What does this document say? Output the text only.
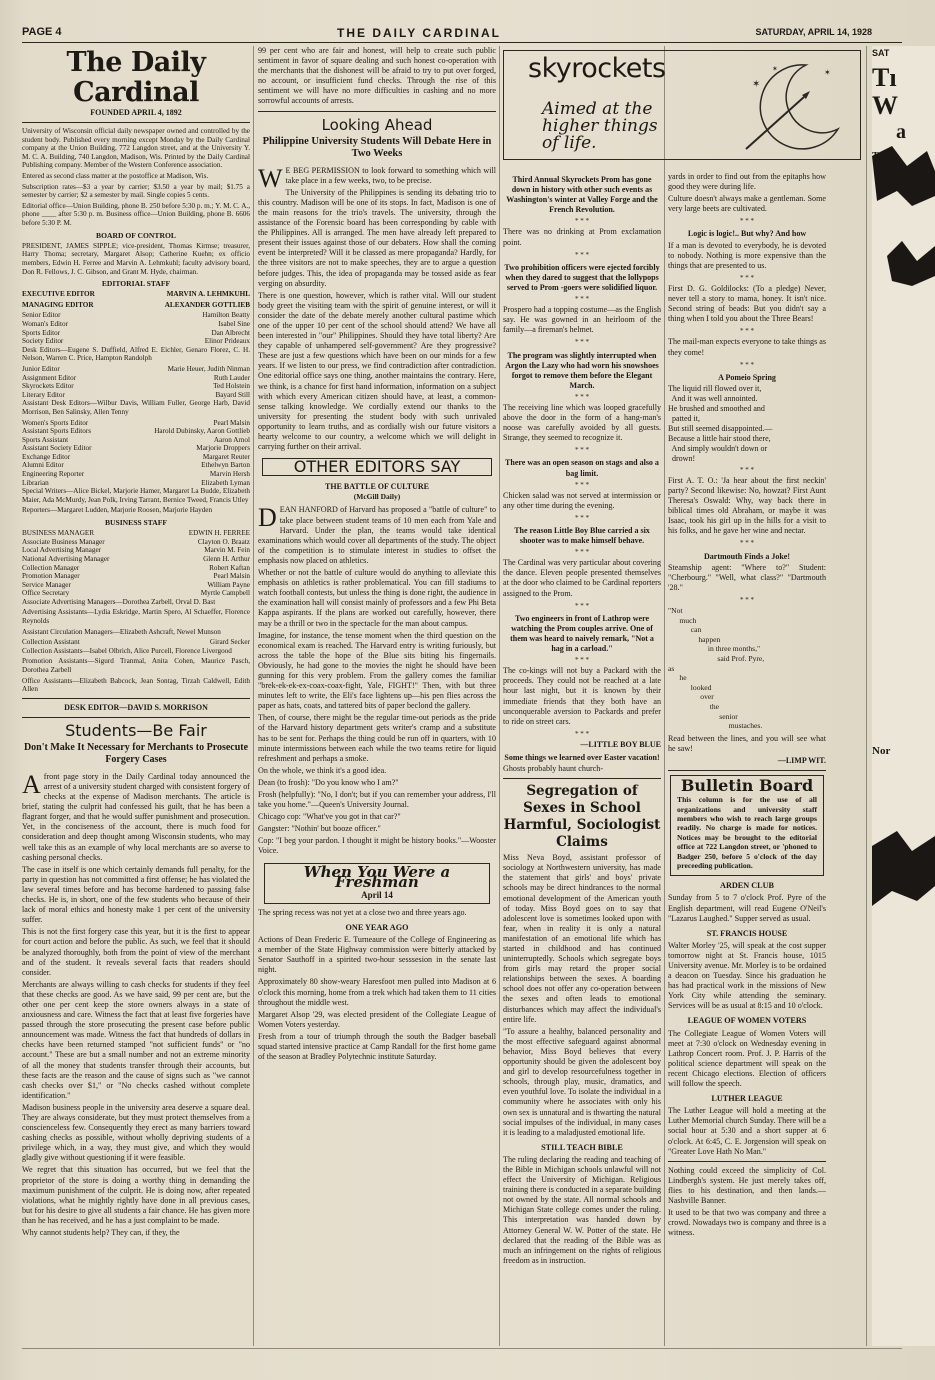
PAGE 4	THE DAILY CARDINAL	SATURDAY, APRIL 14, 1928
The Daily Cardinal
FOUNDED APRIL 4, 1892

University of Wisconsin official daily newspaper owned and controlled by the student body. Published every morning except Monday by the Daily Cardinal company at the Union Building, 772 Langdon street, and at the University Y. M. C. A. Building, 740 Langdon, Madison, Wis. Printed by the Daily Cardinal Publishing company. Member of the Western Conference association.

Entered as second class matter at the postoffice at Madison, Wis.

Subscription rates—$3 a year by carrier; $3.50 a year by mail; $1.75 a semester by carrier; $2 a semester by mail. Single copies 5 cents.

Editorial office—Union Building, phone B. 250 before 5:30 p. m.; Y. M. C. A., phone ____ after 5:30 p. m. Business office—Union Building, phone B. 6606 before 5:30 P. M.

BOARD OF CONTROL

PRESIDENT, JAMES SIPPLE; vice-president, Thomas Kirmse; treasurer, Harry Thoma; secretary, Margaret Alsop; Catherine Kuehn; ex officio members, Edwin H. Ferree and Marvin A. Lehmkuhl; faculty advisory board, Don R. Fellows, J. C. Gibson, and Grant M. Hyde, chairman.

EDITORIAL STAFF
EXECUTIVE EDITOR	MARVIN A. LEHMKUHL
MANAGING EDITOR	ALEXANDER GOTTLIEB
Senior Editor	Hamilton Beatty
Woman's Editor	Isabel Sine
Sports Editor	Dan Albrecht
Society Editor	Elinor Prideaux

Desk Editors—Eugene S. Duffield, Alfred E. Eichler, Genaro Florez, C. H. Nelson, Warren C. Price, Hampton Randolph

Junior Editor	Marie Heuer, Judith Ninman
Assignment Editor	Ruth Lauder
Skyrockets Editor	Ted Holstein
Literary Editor	Bayard Still

Assistant Desk Editors—Wilbur Davis, William Fuller, George Harb, David Morrison, Ben Salinsky, Allen Tenny

Women's Sports Editor	Pearl Malsin
Assistant Sports Editors	Harold Dubinsky, Aaron Gottlieb
Sports Assistant	Aaron Arnol
Assistant Society Editor	Marjorie Droppers
Exchange Editor	Margaret Reuter
Alumni Editor	Ethelwyn Barton
Engineering Reporter	Marvin Hersh
Librarian	Elizabeth Lyman

Special Writers—Alice Bickel, Marjorie Hamer, Margaret La Budde, Elizabeth Maier, Ada McMurdy, Jean Polk, Irving Tarrant, Bernice Tweed, Francis Utley

Reporters—Margaret Ludden, Marjorie Roosen, Marjorie Hayden

BUSINESS STAFF
BUSINESS MANAGER	EDWIN H. FERREE
Associate Business Manager	Clayton O. Braatz
Local Advertising Manager	Marvin M. Fein
National Advertising Manager	Glenn H. Arthur
Collection Manager	Robert Kaftan
Promotion Manager	Pearl Malsin
Service Manager	William Payne
Office Secretary	Myrtle Campbell

Associate Advertising Managers—Dorothea Zarbell, Orval D. Bast

Advertising Assistants—Lydia Eskridge, Martin Spero, Al Schaeffer, Florence Reynolds

Assistant Circulation Managers—Elizabeth Ashcraft, Newel Munson

Collection Assistant	Girard Secker

Collection Assistants—Isabel Olbrich, Alice Purcell, Florence Livergood

Promotion Assistants—Sigurd Tranmal, Anita Cohen, Maurice Pasch, Dorothea Zarbell

Office Assistants—Elizabeth Babcock, Jean Sontag, Tirzah Caldwell, Edith Allen

DESK EDITOR—DAVID S. MORRISON
Students—Be Fair
Don't Make It Necessary for Merchants to Prosecute Forgery Cases

Afront page story in the Daily Cardinal today announced the arrest of a university student charged with consistent forgery of checks at the expense of Madison merchants. The article is brief, stating the culprit had confessed his guilt, that he has been a flagrant forger, and that he would suffer punishment and prosecution. Yet, in the conciseness of the account, there is much food for consideration and deep thought among Wisconsin students, who may well take this as an example of why local merchants are so averse to cashing personal checks.

The case in itself is one which certainly demands full penalty, for the party in question has not committed a first offense; he has violated the law several times before and has become hardened to passing false checks. He is, in short, one of the few students who because of their lack of moral ethics and honesty make 1 per cent of the university suffer.

This is not the first forgery case this year, but it is the first to appear for court action and before the public. As such, we feel that it should be analyzed thoroughly, both from the point of view of the merchant and of the student. It reveals several facts that readers should consider.

Merchants are always willing to cash checks for students if they feel that these checks are good. As we have said, 99 per cent are, but the other one per cent keep the store owners always in a state of anxiousness and care. Witness the fact that at least five forgeries have passed through the store prosecuting the present case before public announcement was made. Witness the fact that hundreds of dollars in checks have been returned stamped "not sufficient funds" or "no account." These are but a small number and not an extreme minority of all the money that students transfer through their accounts, but these facts are the reason and the cause of signs such as "we cannot cash checks over $1," or "No checks cashed without complete identification."

Madison business people in the university area deserve a square deal. They are always considerate, but they must protect themselves from a conscienceless few. Consequently they erect as many barriers toward cashing checks as possible, without wholly depriving students of a privilege which, in a way, they must give, and which they would gladly give without questioning if it were feasible.

We regret that this situation has occurred, but we feel that the proprietor of the store is doing a worthy thing in demanding the maximum punishment of the culprit. He is doing now, after repeated violations, what he mightly rightly have done in all previous cases, but for his desire to give all students a fair chance. He has given more than he has received, and he has a just complaint to be made.

Why cannot students help? They can, if they, the

99 per cent who are fair and honest, will help to create such public sentiment in favor of square dealing and such honest co-operation with the merchants that the dishonest will be afraid to try to put over forged, no account, or insufficient fund checks. Through the rise of this sentiment we will have no more difficulties in cashing and no more sorrowful accounts of arrests.

Looking Ahead
Philippine University Students Will Debate Here in Two Weeks

W E BEG PERMISSION to look forward to something which will take place in a few weeks, two, to be precise.

The University of the Philippines is sending its debating trio to this country. Madison will be one of its stops. In fact, Madison is one of the main reasons for the trio's travels. The university, through the assistance of the Forensic board has been corresponding by cable with the Philippines. All is arranged. The men have already left prepared to present their issues against those of our debaters. How shall the coming event be interpreted? Will it be classed as mere propaganda? Hardly, for the three visitors are not to make speeches, they are to argue a question before judges. This, the idea of propaganda may be tossed aside as fear verging on absurdity.

There is one question, however, which is rather vital. Will our student body greet the visiting team with the spirit of genuine interest, or will it consider the date of the debate merely another cultural pastime which one of the upper 10 per cent of the school should attend? We have all been interested in "our" Philippines. Should they have total liberty? Are they capable of unhampered self-government? Are they progressive? These are just a few questions which have been on our minds for a few years. If we listen to our press, we find contradiction after contradiction. One editorial office says one thing, another maintains the contrary. Here, we think, is a chance for first hand information, information on a subject with which every American citizen should have, at least, a common-sense talking knowledge. We cordially extend our thanks to the university for presenting the student body with such unrivaled opportunity to learn truths, and as cordially wish our future visitors a hearty welcome to our country, a welcome which we will delight in carrying further on their arrival.

OTHER EDITORS SAY
THE BATTLE OF CULTURE
(McGill Daily)

DEAN HANFORD of Harvard has proposed a "battle of culture" to take place between student teams of 10 men each from Yale and Harvard. Under the plan, the teams would take identical examinations which would cover all departments of the study. The object of the competition is to stimulate interest in studies to offset the emphasis now placed on athletics.

Whether or not the battle of culture would do anything to alleviate this emphasis on athletics is rather problematical. You can fill stadiums to watch football contests, but unless the thing is done right, the audience in the examination hall will consist mainly of professors and a few Phi Beta Kappa aspirants. If the plans are worked out carefully, however, there may be a thrill or two in the spectacle for the man about campus.

Imagine, for instance, the tense moment when the third question on the economical exam is reached. The Harvard entry is writing furiously, but across the table the hope of the Blue sits biting his fingernails. Obviously, he had gone to the movies the night he should have been gunning for this very problem. From the gallery comes the familiar "brek-ek-ek-ex-coax-coax-fight, Yale, FIGHT!" Then, with but three minutes left to write, the Eli's face lightens up—his pen flies across the paper as hats, coats, and tattered bits of paper beclond the gallery.

Then, of course, there might be the regular time-out periods as the pride of the Harvard history department gets writer's cramp and a substitute has to be sent for. Perhaps the thing could be run off in quarters, with 10 minute intermissions between each while the two teams retire for liquid refreshment and perhaps a smoke.

On the whole, we think it's a good idea.

Dean (to frosh): "Do you know who I am?"

Frosh (helpfully): "No, I don't; but if you can remember your address, I'll take you home."—Queen's University Journal.

Chicago cop: "What've you got in that car?"

Gangster: "Nothin' but booze officer."

Cop: "I beg your pardon. I thought it might be history books."—Wooster Voice.

When You Were a Freshman
April 14

The spring recess was not yet at a close two and three years ago.

ONE YEAR AGO

Actions of Dean Frederic E. Turneaure of the College of Engineering as a member of the State Highway commission were bitterly attacked by Senator Sauthoff in a spirited two-hour sesssesion in the senate last night.

Approximately 80 show-weary Haresfoot men pulled into Madison at 6 o'clock this morning, home from a trek which had taken them to 11 cities throughout the middle west.

Margaret Alsop '29, was elected president of the Collegiate League of Women Voters yesterday.

Fresh from a tour of triumph through the south the Badger baseball squad started intensive practice at Camp Randall for the first home game of the season at Bradley Polytechnic institute Saturday.

skyrockets
Aimed at the higher things of life.
✶
✶
✶
Third Annual Skyrockets Prom has gone down in history with other such events as Washington's winter at Valley Forge and the French Revolution.
* * *

There was no drinking at Prom exclamation point.

* * *
Two prohibition officers were ejected forcibly when they dared to suggest that the lollypops served to Prom -goers were solidified liquor.
* * *

Prospero had a topping costume—as the English say. He was gowned in an heirloom of the family—a fireman's helmet.

* * *
The program was slightly interrupted when Argon the Lazy who had worn his snowshoes forgot to remove them before the Elegant March.
* * *

The receiving line which was looped gracefully above the door in the form of a hang-man's noose was carefully avoided by all guests. Strange, they seemed to recognize it.

* * *
There was an open season on stags and also a bag limit.
* * *

Chicken salad was not served at intermission or any other time during the evening.

* * *
The reason Little Boy Blue carried a six shooter was to make himself behave.
* * *

The Cardinal was very particular about covering the dance. Eleven people presented themselves at the door who claimed to be Cardinal reporters assigned to the Prom.

* * *
Two engineers in front of Lathrop were watching the Prom couples arrive. One of them was heard to naively remark, "Not a hag in a carload."
* * *

The co-kings will not buy a Packard with the proceeds. They could not be reached at a late hour last night, but it is known by their immediate friends that they both have an unconquerable aversion to Packards and prefer to ride on street cars.

* * *
—LITTLE BOY BLUE
Some things we learned over Easter vacation!

Ghosts probably haunt church-

Segregation of Sexes in School Harmful, Sociologist Claims

Miss Neva Boyd, assistant professor of sociology at Northwestern university, has made the statement that girls' and boys' private schools may be direct hindrances to the normal emotional development of the American youth of today. Miss Boyd goes on to say that adolescent love is sometimes looked upon with fear, when in reality it is only a natural manifestation of an emotional life which has started in childhood and has continued uninterruptedly. Schools which segregate boys from girls may retard the proper social relationships between the sexes. A boarding school does not offer any co-operation between the sexes and often leads to emotional disturbances which may affect the individual's entire life.

"To assure a healthy, balanced personality and the most effective safeguard against abnormal behavior, Miss Boyd believes that every opportunity should be given the adolescent boy and girl to develop resourcefulness together in schools, through play, music, dramatics, and even youthful love. To isolate the individual in a community where he associates with only his own sex is unnatural and is thwarting the natural social impulses of the individual, in many cases it is leading to a maladjusted emotional life.

STILL TEACH BIBLE

The ruling declaring the reading and teaching of the Bible in Michigan schools unlawful will not effect the University of Michigan. Religious training there is conducted in a separate building not owned by the state. All normal schools and Michigan State college comes under the ruling. This interpretation was handed down by Attorney General W. W. Potter of the state. He declared that the reading of the Bible was as much an infringement on the rights of religious freedom as in instruction.

yards in order to find out from the epitaphs how good they were during life.

Culture doesn't always make a gentleman. Some very large beets are cultivated.

* * *
Logic is logic!.. But why? And how

If a man is devoted to everybody, he is devoted to nobody. Nothing is more expensive than the things that are presented to us.

* * *

First D. G. Goldilocks: (To a pledge) Never, never tell a story to mama, honey. It isn't nice. Second string of beads: But you didn't say a thing when I told you about the Three Bears!

* * *

The mail-man expects everyone to take things as they come!

* * *
A Pomeio Spring
The liquid rill flowed over it,
And it was well annointed.
He brushed and smoothed and
patted it,
But still seemed disappointed.—
Because a little hair stood there,
And simply wouldn't down or
drown!
* * *

First A. T. O.: 'Ja hear about the first neckin' party? Second likewise: No, howzat? First Aunt Theresa's Oswald: Why, way back there in biblical times old Abraham, or maybe it was Isaac, took his girl up in the hills for a visit to his folks, and he gave her wine and nectar.

* * *
Dartmouth Finds a Joke!

Steamship agent: "Where to?" Student: "Cherbourg." "Well, what class?" "Dartmouth '28."

* * *
"Not
much
can
happen
in three months,"
said Prof. Pyre,
as
he
looked
over
the
senior
mustaches.

Read between the lines, and you will see what he saw!

—LIMP WIT.
Bulletin Board

This column is for the use of all organizations and university staff members who wish to reach large groups readily. No charge is made for notices. Notices may be brought to the editorial office at 722 Langdon street, or 'phoned to Badger 250, before 5 o'clock of the day preceeding publication.

ARDEN CLUB

Sunday from 5 to 7 o'clock Prof. Pyre of the English department, will read Eugene O'Neil's "Lazarus Laughed." Supper served as usual.

ST. FRANCIS HOUSE

Walter Morley '25, will speak at the cost supper tomorrow night at St. Francis house, 1015 University avenue. Mr. Morley is to be ordained a deacon on Tuesday. Since his graduation he has had practical work in the missions of New York City while attending the seminary. Services will be as usual at 8:15 and 10 o'clock.

LEAGUE OF WOMEN VOTERS

The Collegiate League of Women Voters will meet at 7:30 o'clock on Wednesday evening in Lathrop Concert room. Prof. J. P. Harris of the political science department will speak on the recent Chicago elections. Election of officers will follow the speech.

LUTHER LEAGUE

The Luther League will hold a meeting at the Luther Memorial church Sunday. There will be a social hour at 5:30 and a short supper at 6 o'clock. At 6:45, C. E. Jorgension will speak on "Greater Love Hath No Man."

Nothing could exceed the simplicity of Col. Lindbergh's system. He just merely takes off, flies to his destination, and then lands.—Nashville Banner.

It used to be that two was company and three a crowd. Nowadays two is company and three is a witness.

SAT
Tı
W
a
Nor
